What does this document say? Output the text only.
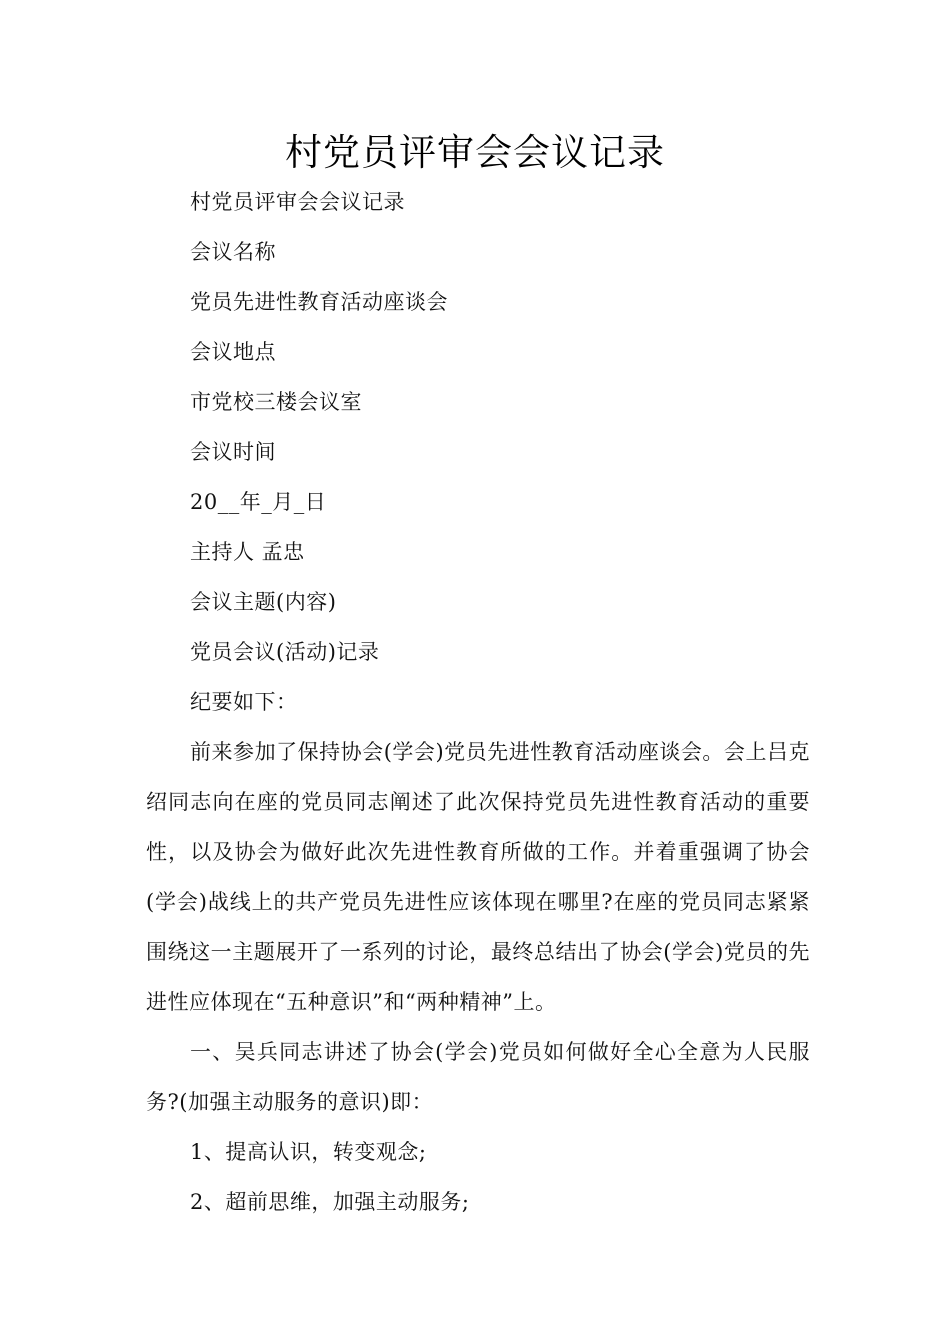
村党员评审会会议记录

村党员评审会会议记录

会议名称

党员先进性教育活动座谈会

会议地点

市党校三楼会议室

会议时间

20__年_月_日

主持人 孟忠

会议主题(内容)

党员会议(活动)记录

纪要如下：

前来参加了保持协会(学会)党员先进性教育活动座谈会。会上吕克绍同志向在座的党员同志阐述了此次保持党员先进性教育活动的重要性，以及协会为做好此次先进性教育所做的工作。并着重强调了协会(学会)战线上的共产党员先进性应该体现在哪里?在座的党员同志紧紧围绕这一主题展开了一系列的讨论，最终总结出了协会(学会)党员的先进性应体现在“五种意识”和“两种精神”上。

一、吴兵同志讲述了协会(学会)党员如何做好全心全意为人民服务?(加强主动服务的意识)即：

1、提高认识，转变观念;

2、超前思维，加强主动服务;
